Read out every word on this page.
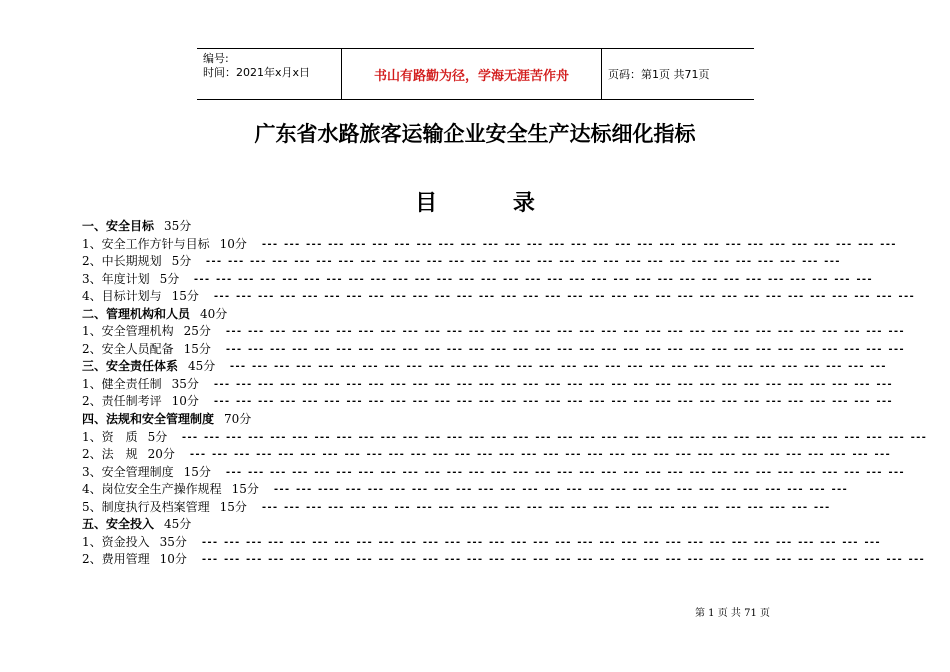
编号:
时间：2021年x月x日	书山有路勤为径，学海无涯苦作舟	页码：第1页 共71页
广东省水路旅客运输企业安全生产达标细化指标
目 录
一、安全目标 35分
1、安全工作方针与目标 10分 --- --- --- --- --- --- --- --- --- --- --- --- --- --- --- --- --- --- --- --- --- --- --- --- --- --- --- --- ---
2、中长期规划 5分 --- --- --- --- --- --- --- --- --- --- --- --- --- --- --- --- --- --- --- --- --- --- --- --- --- --- --- --- ---
3、年度计划 5分 --- --- --- --- --- --- --- --- --- --- --- --- --- --- --- --- --- --- --- --- --- --- --- --- --- --- --- --- --- --- ---
4、目标计划与 15分 --- --- --- --- --- --- --- --- --- --- --- --- --- --- --- --- --- --- --- --- --- --- --- --- --- --- --- --- --- --- --- ---
二、管理机构和人员 40分
1、安全管理机构 25分 --- --- --- --- --- --- --- --- --- --- --- --- --- --- --- --- --- --- --- --- --- --- --- --- --- --- --- --- --- --- ---
2、安全人员配备 15分 --- --- --- --- --- --- --- --- --- --- --- --- --- --- --- --- --- --- --- --- --- --- --- --- --- --- --- --- --- --- ---
三、安全责任体系 45分 --- --- --- --- --- --- --- --- --- --- --- --- --- --- --- --- --- --- --- --- --- --- --- --- --- --- --- --- --- ---
1、健全责任制 35分 --- --- --- --- --- --- --- --- --- --- --- --- --- --- --- --- --- --- --- --- --- --- --- --- --- --- --- --- --- --- ---
2、责任制考评 10分 --- --- --- --- --- --- --- --- --- --- --- --- --- --- --- --- --- --- --- --- --- --- --- --- --- --- --- --- --- --- ---
四、法规和安全管理制度 70分
1、资　质 5分 --- --- --- --- --- --- --- --- --- --- --- --- --- --- --- --- --- --- --- --- --- --- --- --- --- --- --- --- --- --- --- --- --- ---
2、法　规 20分 --- --- --- --- --- --- --- --- --- --- --- --- --- --- --- --- --- --- --- --- --- --- --- --- --- --- --- --- --- --- --- ---
3、安全管理制度 15分 --- --- --- --- --- --- --- --- --- --- --- --- --- --- --- --- --- --- --- --- --- --- --- --- --- --- --- --- --- --- ---
4、岗位安全生产操作规程 15分 --- --- ---- --- --- --- --- --- --- --- --- --- --- --- --- --- --- --- --- --- --- --- --- --- --- ---
5、制度执行及档案管理 15分 --- --- --- --- --- --- --- --- --- --- --- --- --- --- --- --- --- --- --- --- --- --- --- --- --- ---
五、安全投入 45分
1、资金投入 35分 --- --- --- --- --- --- --- --- --- --- --- --- --- --- --- --- --- --- --- --- --- --- --- --- --- --- --- --- --- --- ---
2、费用管理 10分 --- --- --- --- --- --- --- --- --- --- --- --- --- --- --- --- --- --- --- --- --- --- --- --- --- --- --- --- --- --- --- --- ---
第 1 页 共 71 页
